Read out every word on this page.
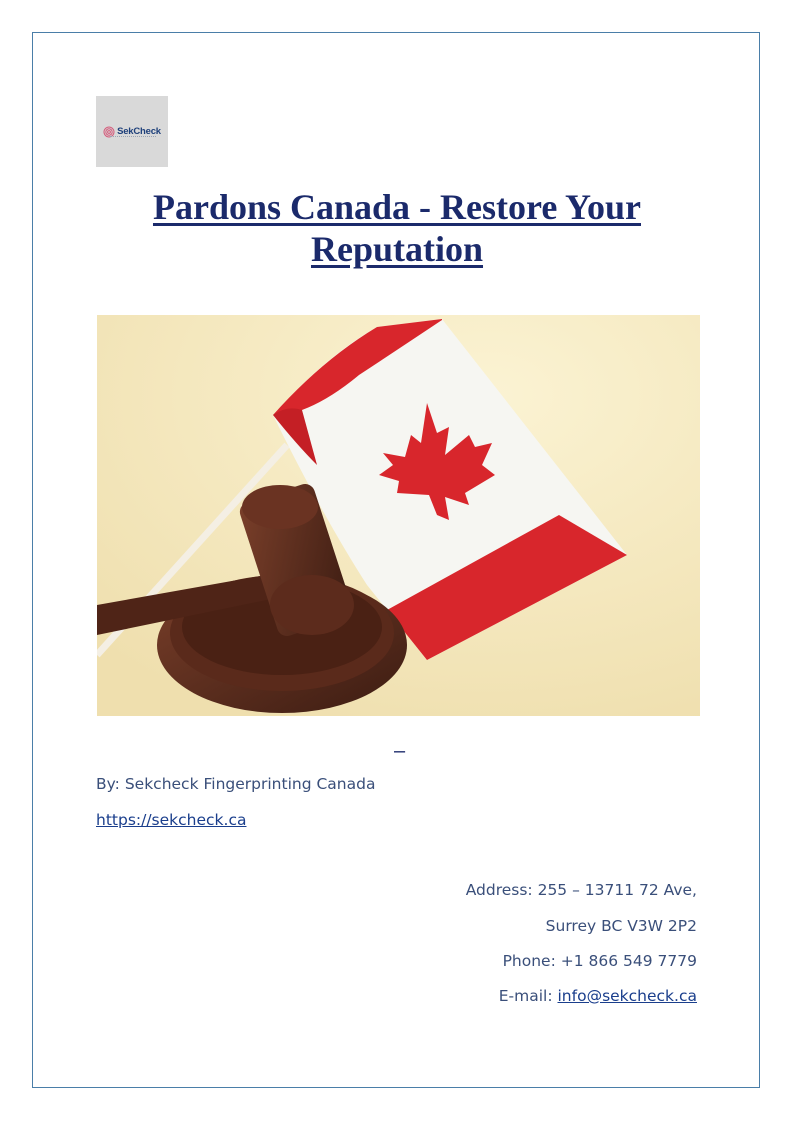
SekCheck
Pardons Canada - Restore Your Reputation
–
By: Sekcheck Fingerprinting Canada
https://sekcheck.ca
Address: 255 – 13711 72 Ave,
Surrey BC V3W 2P2
Phone: +1 866 549 7779
E-mail: info@sekcheck.ca
